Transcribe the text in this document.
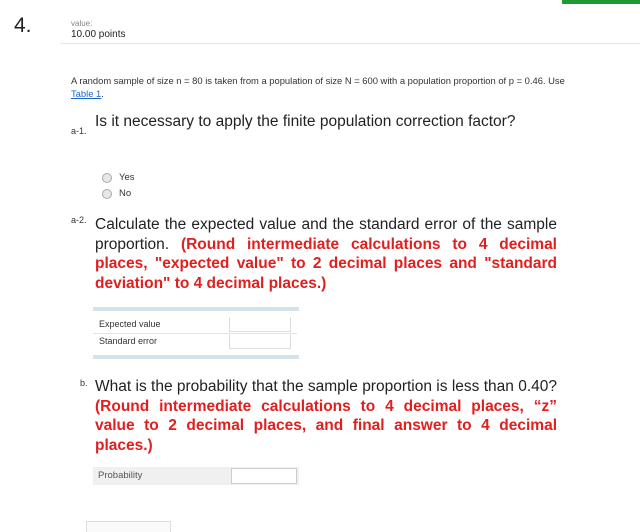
4.	value:
10.00 points
A random sample of size n = 80 is taken from a population of size N = 600 with a population proportion of p = 0.46. Use Table 1.
a-1.
Is it necessary to apply the finite population correction factor?
Yes
No
a-2. Calculate the expected value and the standard error of the sample proportion. (Round intermediate calculations to 4 decimal places, "expected value" to 2 decimal places and "standard deviation" to 4 decimal places.)
Expected value
Standard error
b. What is the probability that the sample proportion is less than 0.40? (Round intermediate calculations to 4 decimal places, “z” value to 2 decimal places, and final answer to 4 decimal places.)
Probability
